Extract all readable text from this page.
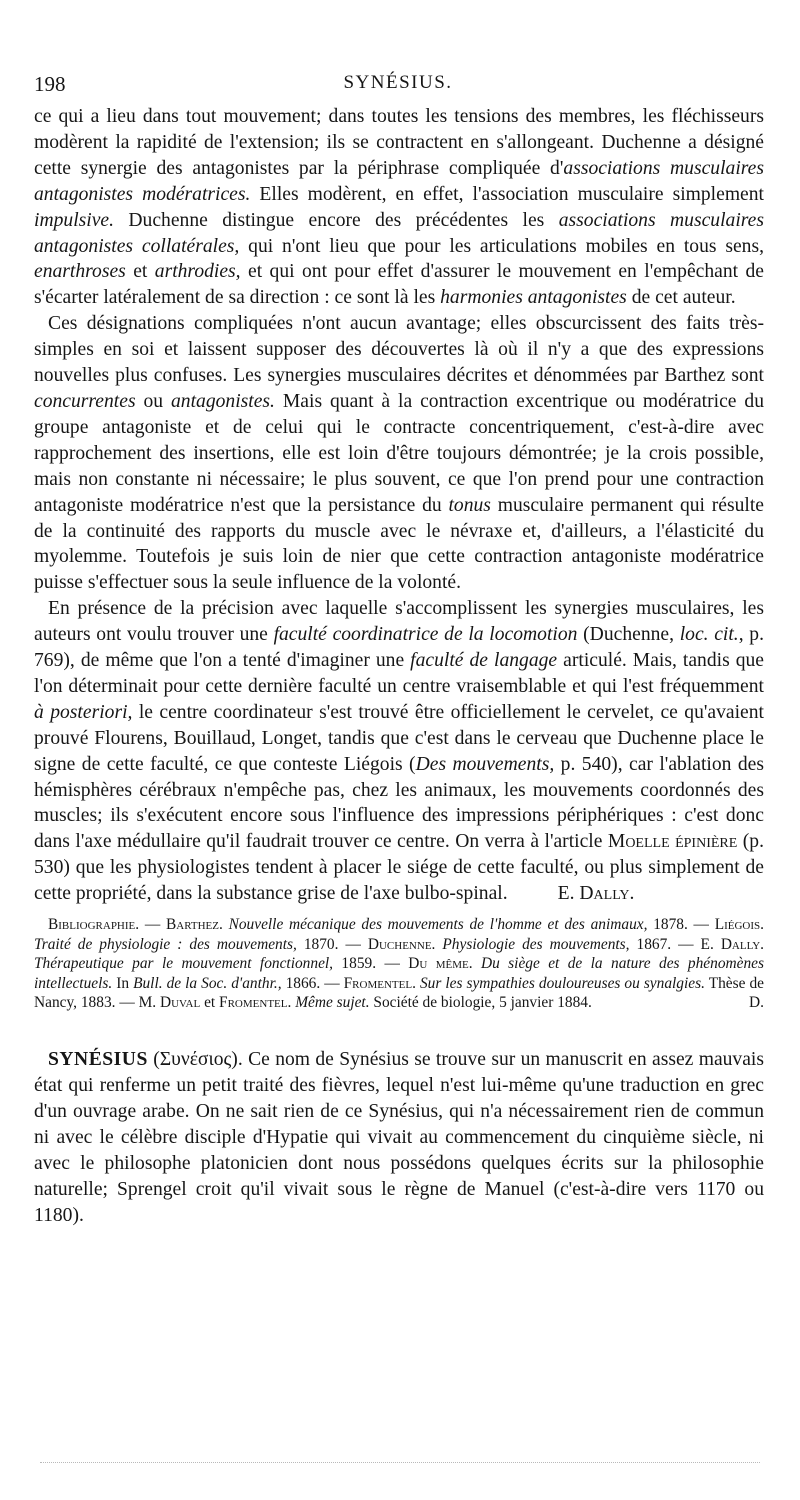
198	SYNÉSIUS.

ce qui a lieu dans tout mouvement; dans toutes les tensions des membres, les fléchisseurs modèrent la rapidité de l'extension; ils se contractent en s'allongeant. Duchenne a désigné cette synergie des antagonistes par la périphrase compliquée d'associations musculaires antagonistes modératrices. Elles modèrent, en effet, l'association musculaire simplement impulsive. Duchenne distingue encore des précédentes les associations musculaires antagonistes collatérales, qui n'ont lieu que pour les articulations mobiles en tous sens, enarthroses et arthrodies, et qui ont pour effet d'assurer le mouvement en l'empêchant de s'écarter latéralement de sa direction : ce sont là les harmonies antagonistes de cet auteur.

Ces désignations compliquées n'ont aucun avantage; elles obscurcissent des faits très-simples en soi et laissent supposer des découvertes là où il n'y a que des expressions nouvelles plus confuses. Les synergies musculaires décrites et dénommées par Barthez sont concurrentes ou antagonistes. Mais quant à la contraction excentrique ou modératrice du groupe antagoniste et de celui qui le contracte concentriquement, c'est-à-dire avec rapprochement des insertions, elle est loin d'être toujours démontrée; je la crois possible, mais non constante ni nécessaire; le plus souvent, ce que l'on prend pour une contraction antagoniste modératrice n'est que la persistance du tonus musculaire permanent qui résulte de la continuité des rapports du muscle avec le névraxe et, d'ailleurs, a l'élasticité du myolemme. Toutefois je suis loin de nier que cette contraction antagoniste modératrice puisse s'effectuer sous la seule influence de la volonté.

En présence de la précision avec laquelle s'accomplissent les synergies musculaires, les auteurs ont voulu trouver une faculté coordinatrice de la locomotion (Duchenne, loc. cit., p. 769), de même que l'on a tenté d'imaginer une faculté de langage articulé. Mais, tandis que l'on déterminait pour cette dernière faculté un centre vraisemblable et qui l'est fréquemment à posteriori, le centre coordinateur s'est trouvé être officiellement le cervelet, ce qu'avaient prouvé Flourens, Bouillaud, Longet, tandis que c'est dans le cerveau que Duchenne place le signe de cette faculté, ce que conteste Liégois (Des mouvements, p. 540), car l'ablation des hémisphères cérébraux n'empêche pas, chez les animaux, les mouvements coordonnés des muscles; ils s'exécutent encore sous l'influence des impressions périphériques : c'est donc dans l'axe médullaire qu'il faudrait trouver ce centre. On verra à l'article Moelle épinière (p. 530) que les physiologistes tendent à placer le siége de cette faculté, ou plus simplement de cette propriété, dans la substance grise de l'axe bulbo-spinal.	E. Dally.

Bibliographie. — Barthez. Nouvelle mécanique des mouvements de l'homme et des animaux, 1878. — Liégois. Traité de physiologie : des mouvements, 1870. — Duchenne. Physiologie des mouvements, 1867. — E. Dally. Thérapeutique par le mouvement fonctionnel, 1859. — Du même. Du siège et de la nature des phénomènes intellectuels. In Bull. de la Soc. d'anthr., 1866. — Fromentel. Sur les sympathies douloureuses ou synalgies. Thèse de Nancy, 1883. — M. Duval et Fromentel. Même sujet. Société de biologie, 5 janvier 1884.	D.

SYNÉSIUS (Συνέσιος). Ce nom de Synésius se trouve sur un manuscrit en assez mauvais état qui renferme un petit traité des fièvres, lequel n'est lui-même qu'une traduction en grec d'un ouvrage arabe. On ne sait rien de ce Synésius, qui n'a nécessairement rien de commun ni avec le célèbre disciple d'Hypatie qui vivait au commencement du cinquième siècle, ni avec le philosophe platonicien dont nous possédons quelques écrits sur la philosophie naturelle; Sprengel croit qu'il vivait sous le règne de Manuel (c'est-à-dire vers 1170 ou 1180).
